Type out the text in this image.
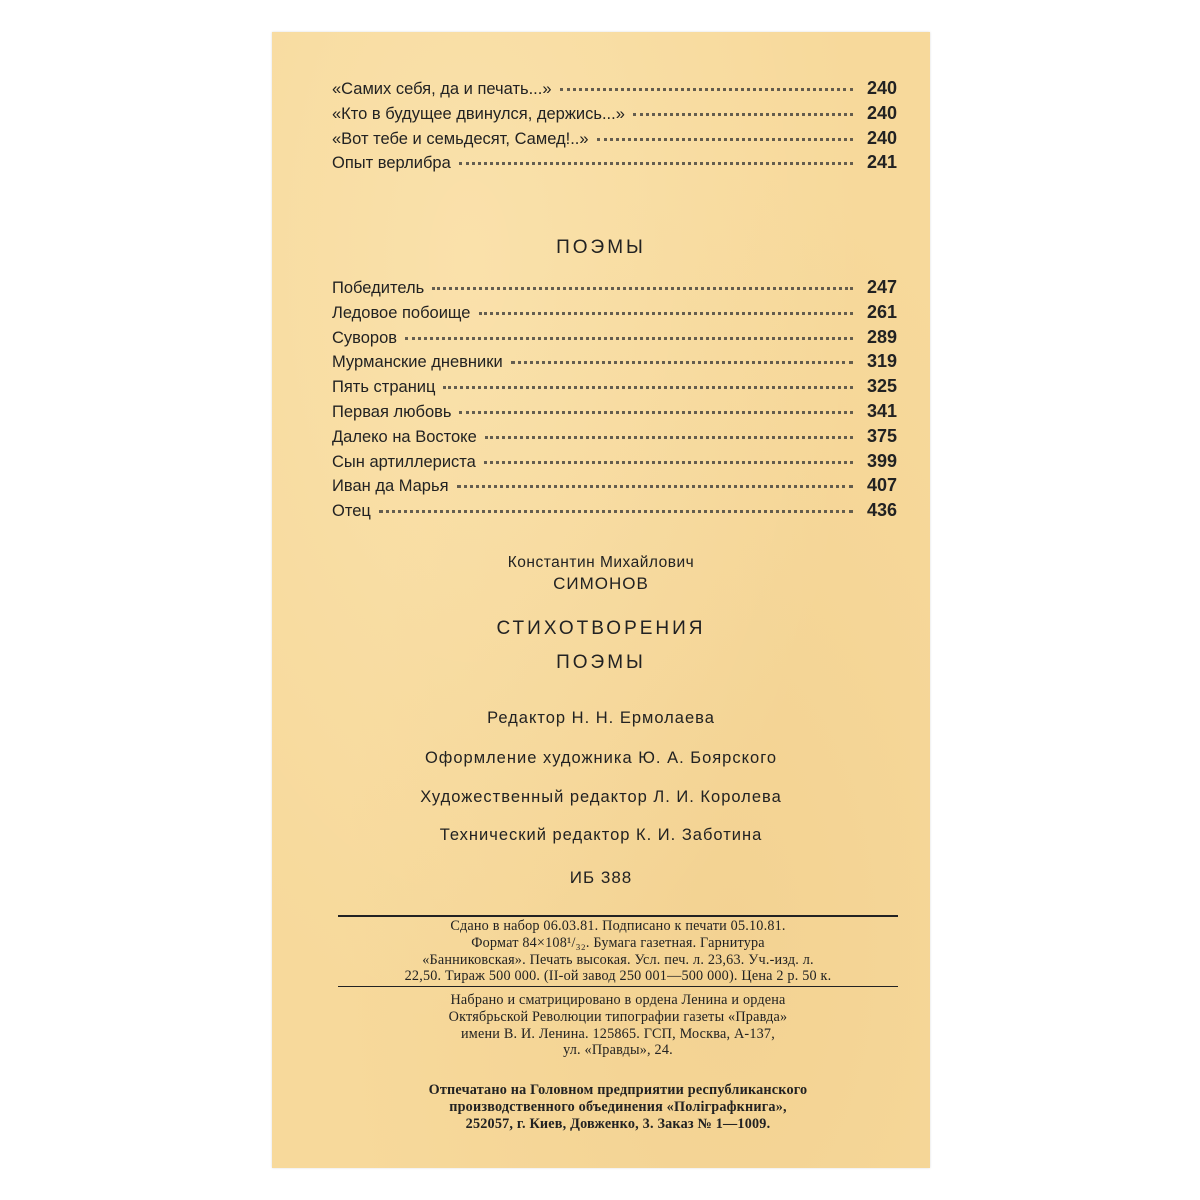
«Самих себя, да и печать...»	240
«Кто в будущее двинулся, держись...»	240
«Вот тебе и семьдесят, Самед!..»	240
Опыт верлибра	241
ПОЭМЫ
Победитель	247
Ледовое побоище	261
Суворов	289
Мурманские дневники	319
Пять страниц	325
Первая любовь	341
Далеко на Востоке	375
Сын артиллериста	399
Иван да Марья	407
Отец	436
Константин Михайлович
СИМОНОВ
СТИХОТВОРЕНИЯ
ПОЭМЫ
Редактор Н. Н. Ермолаева
Оформление художника Ю. А. Боярского
Художественный редактор Л. И. Королева
Технический редактор К. И. Заботина
ИБ 388
Сдано в набор 06.03.81. Подписано к печати 05.10.81.
Формат 84×108¹/₃₂. Бумага газетная. Гарнитура
«Банниковская». Печать высокая. Усл. печ. л. 23,63. Уч.-изд. л.
22,50. Тираж 500 000. (II-ой завод 250 001—500 000). Цена 2 р. 50 к.
Набрано и сматрицировано в ордена Ленина и ордена
Октябрьской Революции типографии газеты «Правда»
имени В. И. Ленина. 125865. ГСП, Москва, А-137,
ул. «Правды», 24.
Отпечатано на Головном предприятии республиканского
производственного объединения «Поліграфкнига»,
252057, г. Киев, Довженко, 3. Заказ № 1—1009.
